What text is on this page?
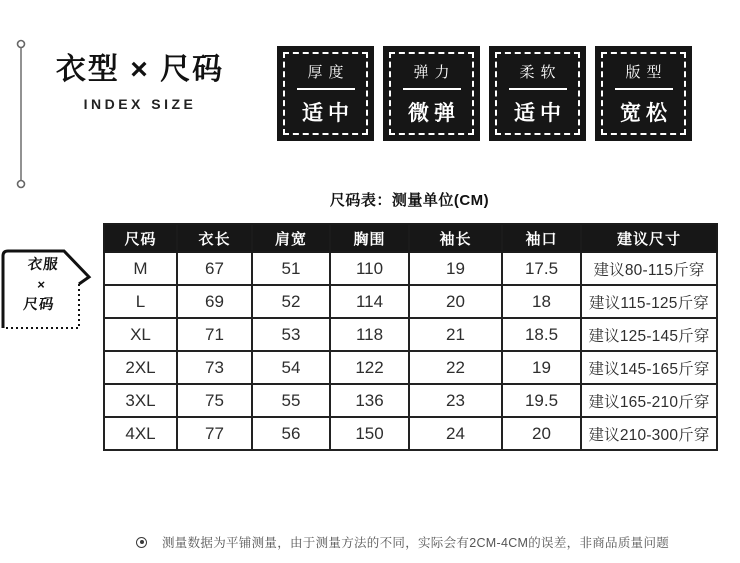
衣型 × 尺码
INDEX SIZE
厚度
适中
弹力
微弹
柔软
适中
版型
宽松
尺码表：测量单位(CM)
衣服
×
尺码
尺码	衣长	肩宽	胸围	袖长	袖口	建议尺寸
M	67	51	110	19	17.5	建议80-115斤穿
L	69	52	114	20	18	建议115-125斤穿
XL	71	53	118	21	18.5	建议125-145斤穿
2XL	73	54	122	22	19	建议145-165斤穿
3XL	75	55	136	23	19.5	建议165-210斤穿
4XL	77	56	150	24	20	建议210-300斤穿
测量数据为平铺测量，由于测量方法的不同，实际会有2CM-4CM的误差，非商品质量问题
